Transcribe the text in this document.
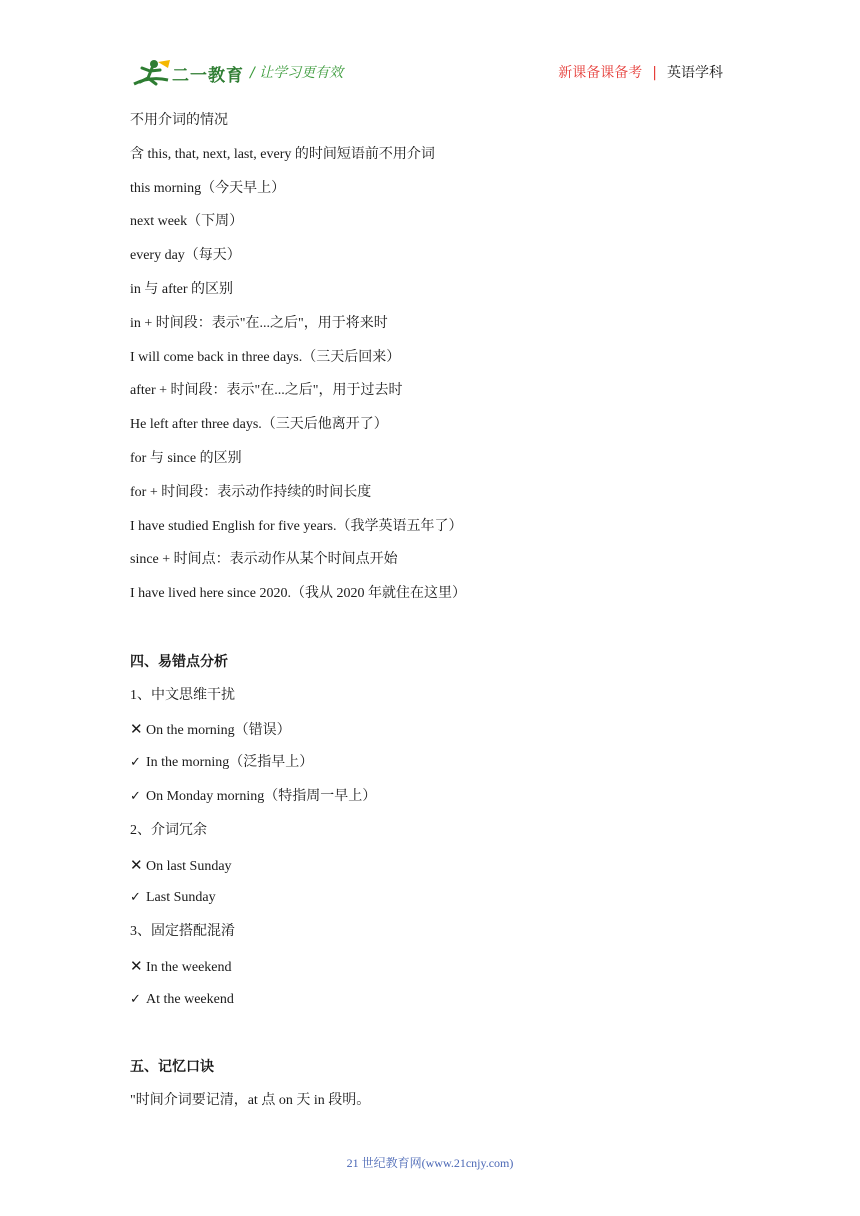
二一教育 / 让学习更有效	新课备课备考 | 英语学科
不用介词的情况
含 this, that, next, last, every 的时间短语前不用介词
this morning（今天早上）
next week（下周）
every day（每天）
in 与 after 的区别
in + 时间段：表示"在...之后"，用于将来时
I will come back in three days.（三天后回来）
after + 时间段：表示"在...之后"，用于过去时
He left after three days.（三天后他离开了）
for 与 since 的区别
for + 时间段：表示动作持续的时间长度
I have studied English for five years.（我学英语五年了）
since + 时间点：表示动作从某个时间点开始
I have lived here since 2020.（我从 2020 年就住在这里）
四、易错点分析
1、中文思维干扰
✕ On the morning（错误）
✓ In the morning（泛指早上）
✓ On Monday morning（特指周一早上）
2、介词冗余
✕ On last Sunday
✓ Last Sunday
3、固定搭配混淆
✕ In the weekend
✓ At the weekend
五、记忆口诀
"时间介词要记清，at 点 on 天 in 段明。
21 世纪教育网(www.21cnjy.com)
